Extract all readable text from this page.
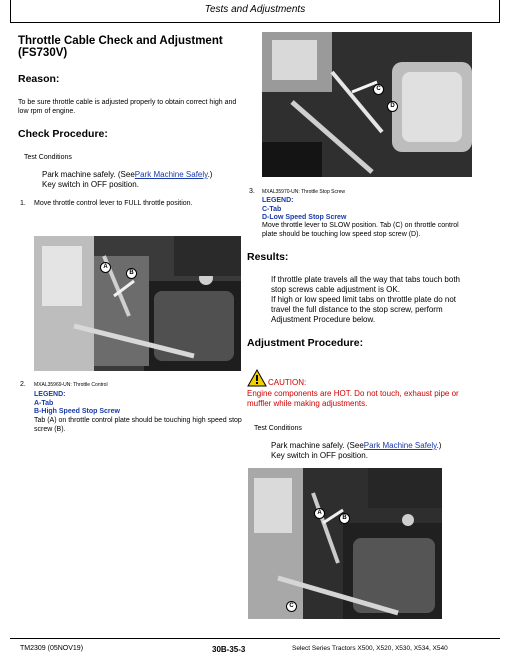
Tests and Adjustments
Throttle Cable Check and Adjustment (FS730V)
Reason:
To be sure throttle cable is adjusted properly to obtain correct high and low rpm of engine.
Check Procedure:
Test Conditions
Park machine safely. (SeePark Machine Safely.)
Key switch in OFF position.
1. Move throttle control lever to FULL throttle position.
A
B
2. MXAL35969-UN: Throttle Control
LEGEND:
A-Tab
B-High Speed Stop Screw
Tab (A) on throttle control plate should be touching high speed stop screw (B).
C
D
3. MXAL35970-UN: Throttle Stop Screw
LEGEND:
C-Tab
D-Low Speed Stop Screw
Move throttle lever to SLOW position. Tab (C) on throttle control plate should be touching low speed stop screw (D).
Results:
If throttle plate travels all the way that tabs touch both stop screws cable adjustment is OK.
If high or low speed limit tabs on throttle plate do not travel the full distance to the stop screw, perform Adjustment Procedure below.
Adjustment Procedure:
CAUTION:
Engine components are HOT. Do not touch, exhaust pipe or muffler while making adjustments.
Test Conditions
Park machine safely. (SeePark Machine Safely.)
Key switch in OFF position.
A
B
C
TM2309 (05NOV19)	30B-35-3	Select Series Tractors X500, X520, X530, X534, X540
